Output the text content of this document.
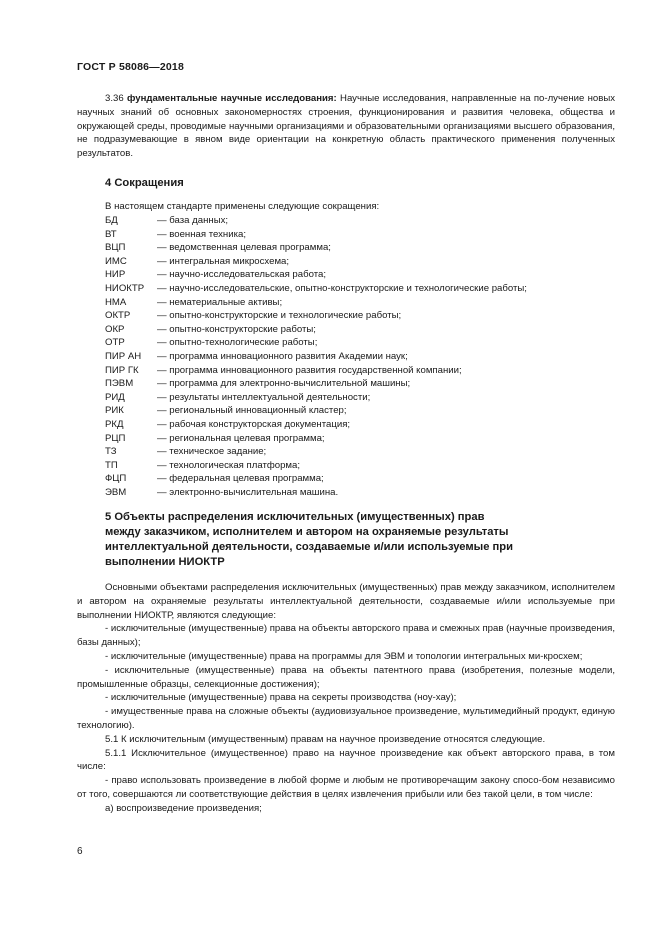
ГОСТ Р 58086—2018
3.36 фундаментальные научные исследования: Научные исследования, направленные на по-лучение новых научных знаний об основных закономерностях строения, функционирования и развития человека, общества и окружающей среды, проводимые научными организациями и образовательными организациями высшего образования, не подразумевающие в явном виде ориентации на конкретную область практического применения полученных результатов.
4 Сокращения
В настоящем стандарте применены следующие сокращения:
БД	— база данных;
ВТ	— военная техника;
ВЦП	— ведомственная целевая программа;
ИМС	— интегральная микросхема;
НИР	— научно-исследовательская работа;
НИОКТР — научно-исследовательские, опытно-конструкторские и технологические работы;
НМА	— нематериальные активы;
ОКТР	— опытно-конструкторские и технологические работы;
ОКР	— опытно-конструкторские работы;
ОТР	— опытно-технологические работы;
ПИР АН — программа инновационного развития Академии наук;
ПИР ГК — программа инновационного развития государственной компании;
ПЭВМ — программа для электронно-вычислительной машины;
РИД	— результаты интеллектуальной деятельности;
РИК	— региональный инновационный кластер;
РКД	— рабочая конструкторская документация;
РЦП	— региональная целевая программа;
ТЗ	— техническое задание;
ТП	— технологическая платформа;
ФЦП	— федеральная целевая программа;
ЭВМ	— электронно-вычислительная машина.
5 Объекты распределения исключительных (имущественных) прав
между заказчиком, исполнителем и автором на охраняемые результаты
интеллектуальной деятельности, создаваемые и/или используемые при
выполнении НИОКТР
Основными объектами распределения исключительных (имущественных) прав между заказчиком, исполнителем и автором на охраняемые результаты интеллектуальной деятельности, создаваемые и/или используемые при выполнении НИОКТР, являются следующие:
- исключительные (имущественные) права на объекты авторского права и смежных прав (научные произведения, базы данных);
- исключительные (имущественные) права на программы для ЭВМ и топологии интегральных ми-кросхем;
- исключительные (имущественные) права на объекты патентного права (изобретения, полезные модели, промышленные образцы, селекционные достижения);
- исключительные (имущественные) права на секреты производства (ноу-хау);
- имущественные права на сложные объекты (аудиовизуальное произведение, мультимедийный продукт, единую технологию).
5.1 К исключительным (имущественным) правам на научное произведение относятся следующие.
5.1.1 Исключительное (имущественное) право на научное произведение как объект авторского права, в том числе:
- право использовать произведение в любой форме и любым не противоречащим закону спосо-бом независимо от того, совершаются ли соответствующие действия в целях извлечения прибыли или без такой цели, в том числе:
а) воспроизведение произведения;
6
